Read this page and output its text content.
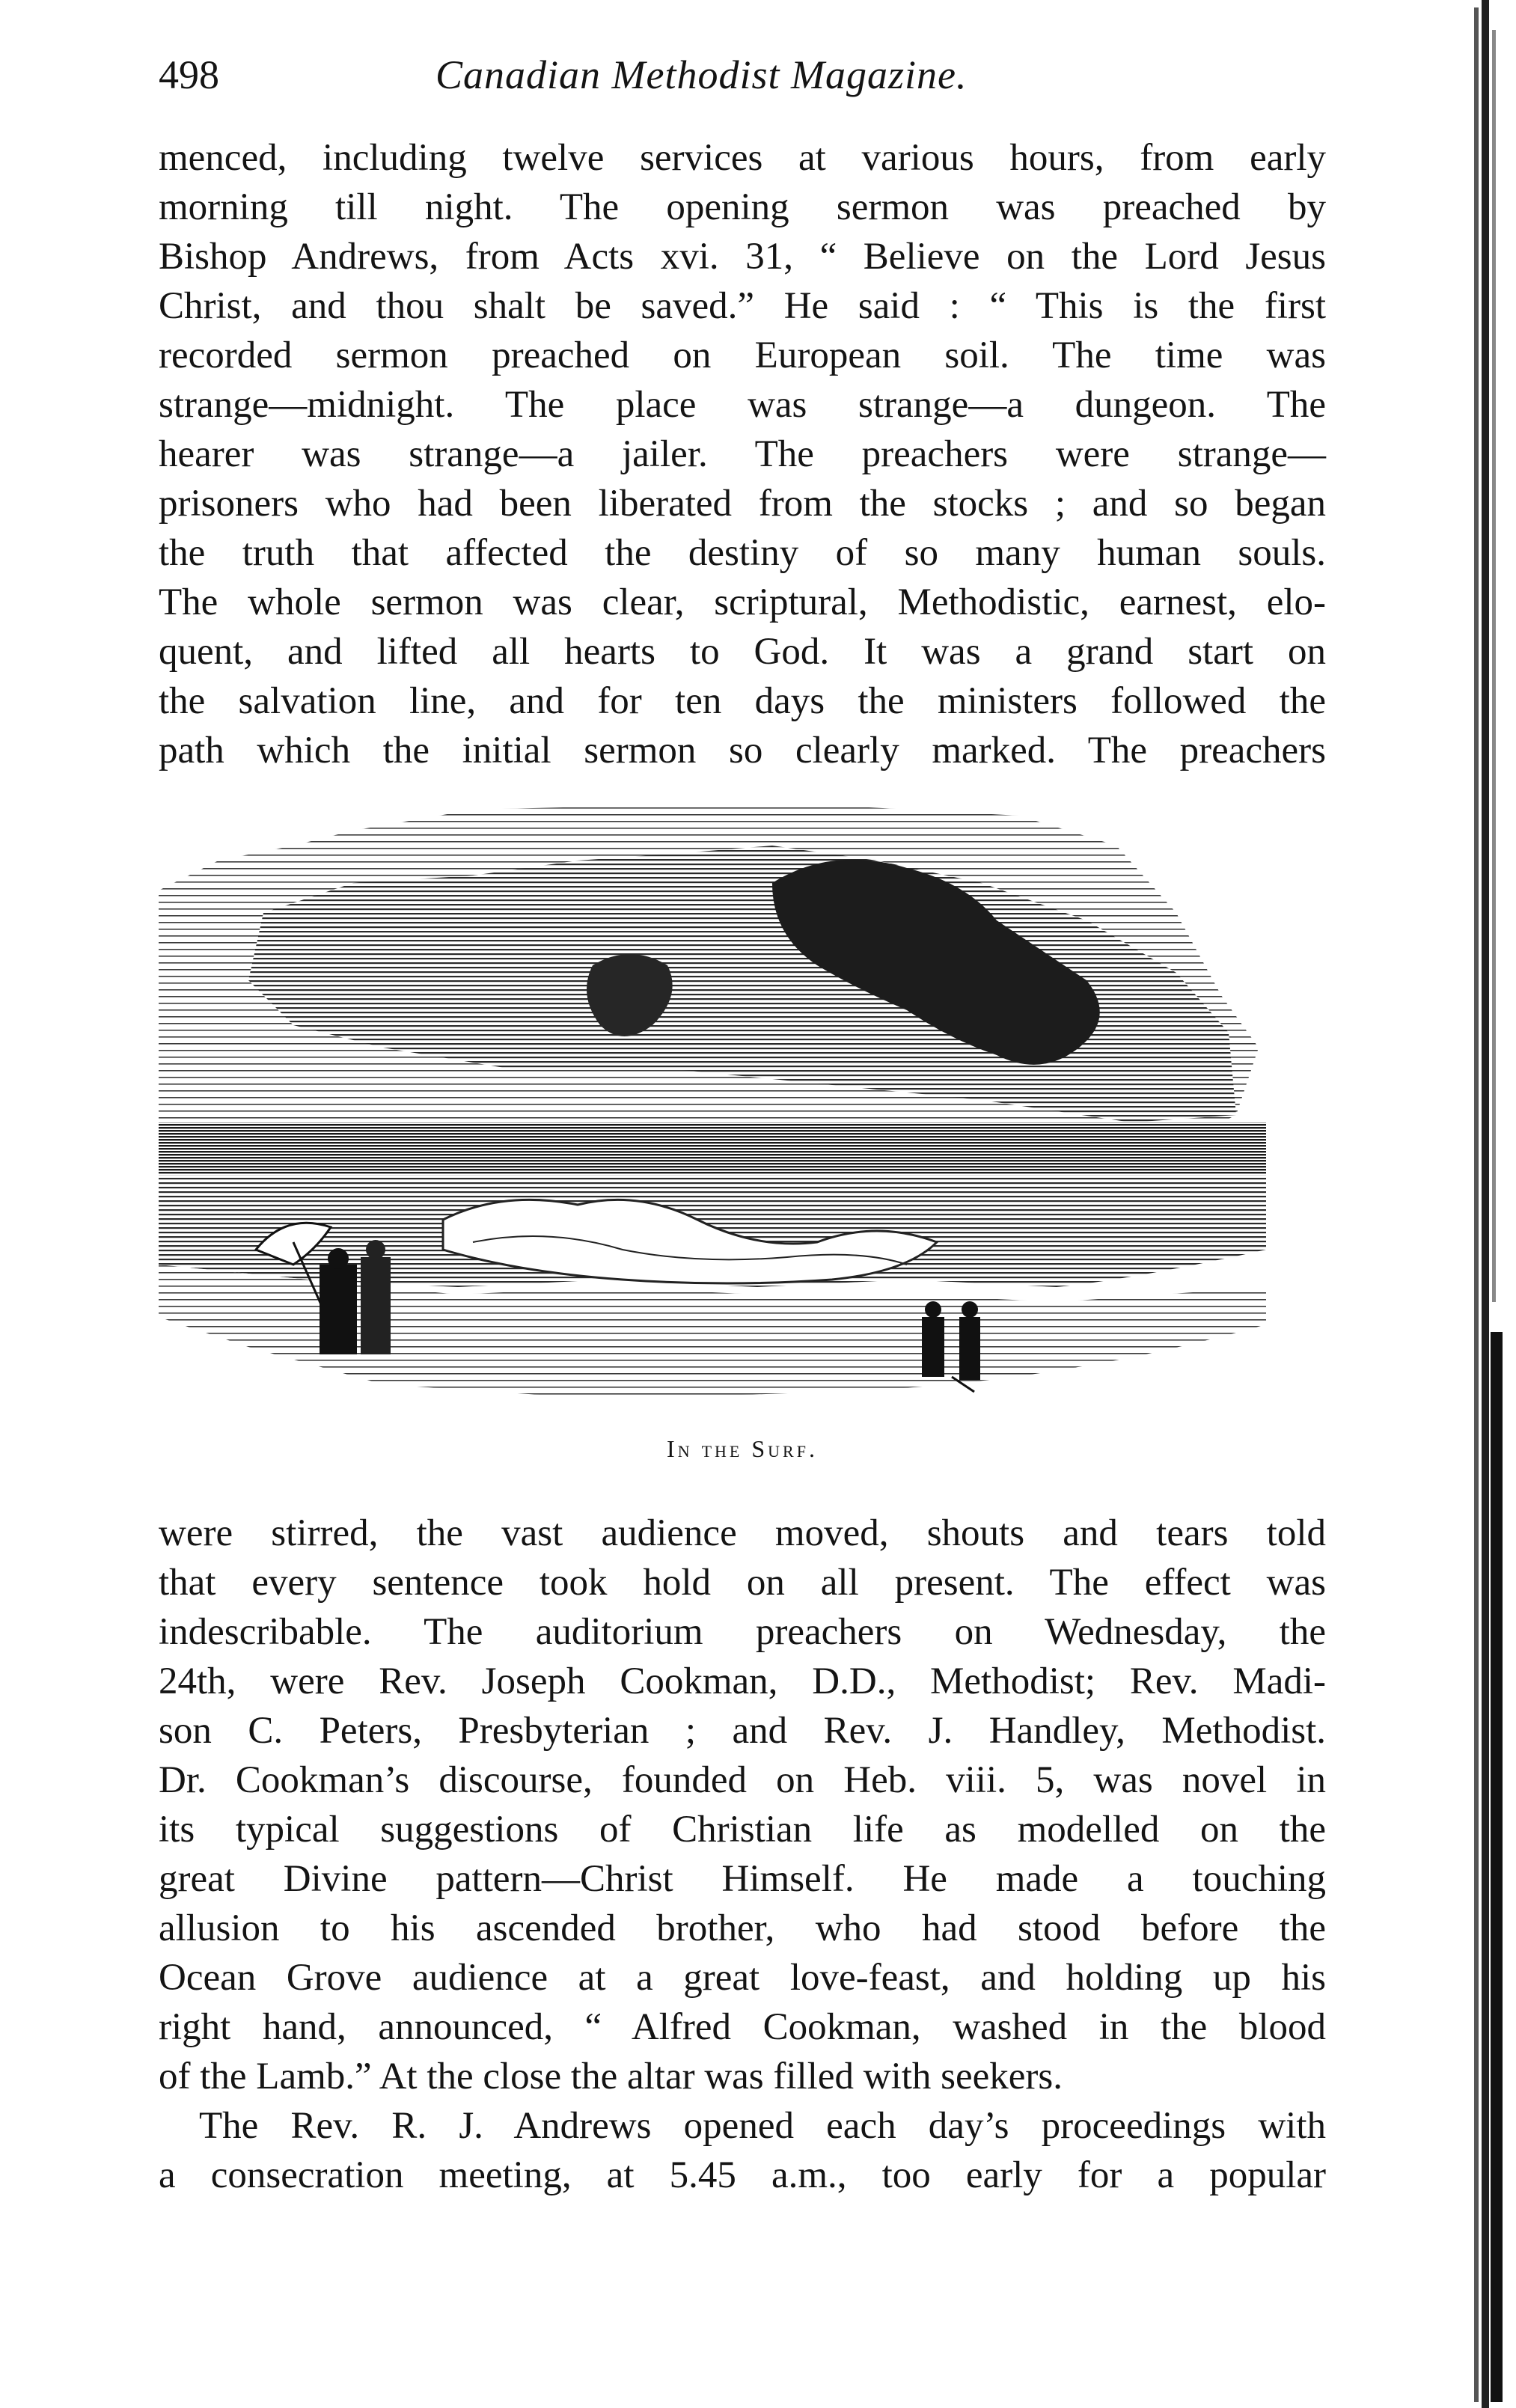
498	Canadian Methodist Magazine.
menced, including twelve services at various hours, from early
morning till night. The opening sermon was preached by
Bishop Andrews, from Acts xvi. 31, “ Believe on the Lord Jesus
Christ, and thou shalt be saved.” He said : “ This is the first
recorded sermon preached on European soil. The time was
strange—midnight. The place was strange—a dungeon. The
hearer was strange—a jailer. The preachers were strange—
prisoners who had been liberated from the stocks ; and so began
the truth that affected the destiny of so many human souls.
The whole sermon was clear, scriptural, Methodistic, earnest, elo-
quent, and lifted all hearts to God. It was a grand start on
the salvation line, and for ten days the ministers followed the
path which the initial sermon so clearly marked. The preachers
In the Surf.
were stirred, the vast audience moved, shouts and tears told
that every sentence took hold on all present. The effect was
indescribable. The auditorium preachers on Wednesday, the
24th, were Rev. Joseph Cookman, D.D., Methodist; Rev. Madi-
son C. Peters, Presbyterian ; and Rev. J. Handley, Methodist.
Dr. Cookman’s discourse, founded on Heb. viii. 5, was novel in
its typical suggestions of Christian life as modelled on the
great Divine pattern—Christ Himself. He made a touching
allusion to his ascended brother, who had stood before the
Ocean Grove audience at a great love-feast, and holding up his
right hand, announced, “ Alfred Cookman, washed in the blood
of the Lamb.” At the close the altar was filled with seekers.
The Rev. R. J. Andrews opened each day’s proceedings with
a consecration meeting, at 5.45 a.m., too early for a popular
